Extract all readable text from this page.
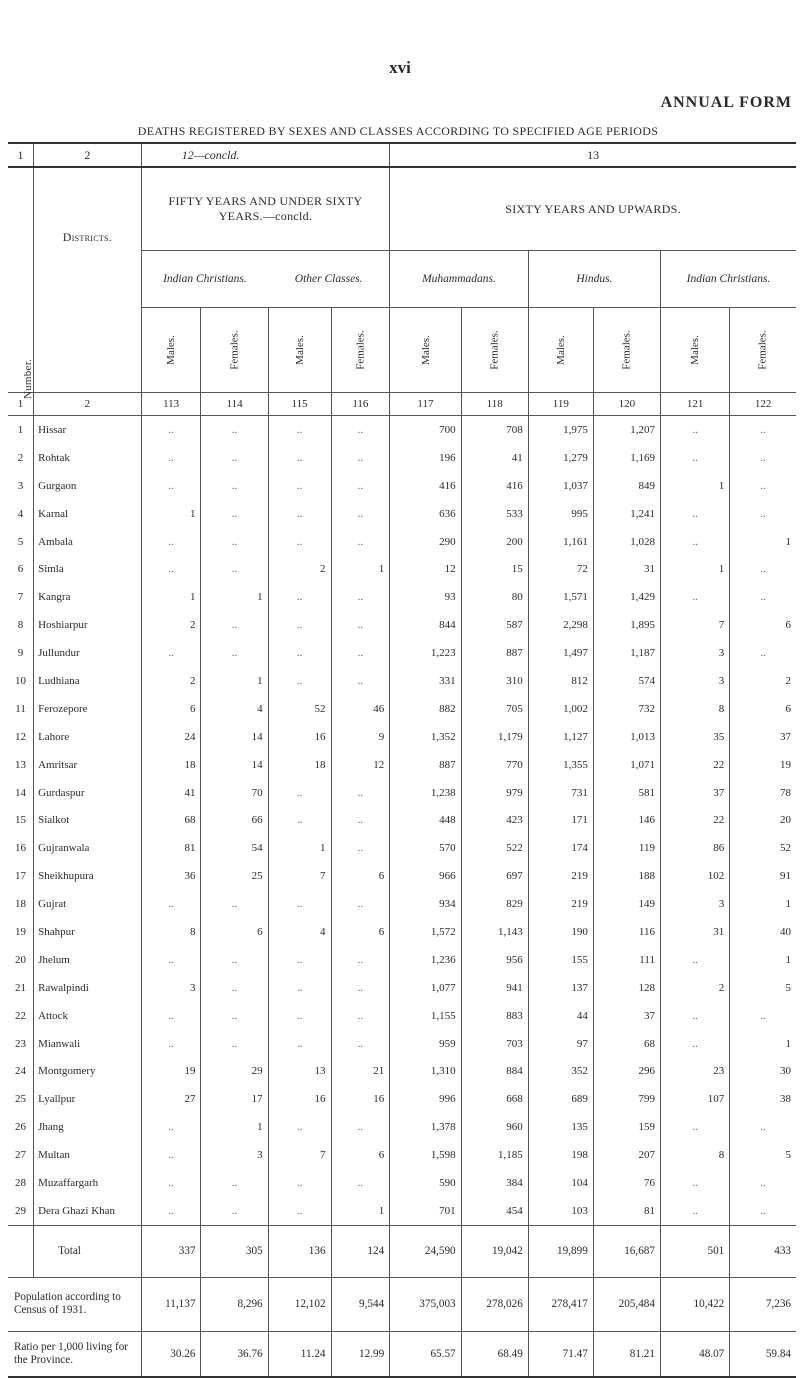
xvi
ANNUAL FORM
DEATHS REGISTERED BY SEXES AND CLASSES ACCORDING TO SPECIFIED AGE PERIODS
1	2	12—concld.				13					
Number.	Districts.	FIFTY YEARS AND UNDER SIXTY YEARS.—concld.				SIXTY YEARS AND UPWARDS.					
		Indian Christians.		Other Classes.		Muhammadans.		Hindus.		Indian Christians.	
		Males.	Females.	Males.	Females.	Males.	Females.	Males.	Females.	Males.	Females.
1	2	113	114	115	116	117	118	119	120	121	122
1	Hissar	..	..	..	..	700	708	1,975	1,207	..	..
2	Rohtak	..	..	..	..	196	41	1,279	1,169	..	..
3	Gurgaon	..	..	..	..	416	416	1,037	849	1	..
4	Karnal	1	..	..	..	636	533	995	1,241	..	..
5	Ambala	..	..	..	..	290	200	1,161	1,028	..	1
6	Simla	..	..	2	1	12	15	72	31	1	..
7	Kangra	1	1	..	..	93	80	1,571	1,429	..	..
8	Hoshiarpur	2	..	..	..	844	587	2,298	1,895	7	6
9	Jullundur	..	..	..	..	1,223	887	1,497	1,187	3	..
10	Ludhiana	2	1	..	..	331	310	812	574	3	2
11	Ferozepore	6	4	52	46	882	705	1,002	732	8	6
12	Lahore	24	14	16	9	1,352	1,179	1,127	1,013	35	37
13	Amritsar	18	14	18	12	887	770	1,355	1,071	22	19
14	Gurdaspur	41	70	..	..	1,238	979	731	581	37	78
15	Sialkot	68	66	..	..	448	423	171	146	22	20
16	Gujranwala	81	54	1	..	570	522	174	119	86	52
17	Sheikhupura	36	25	7	6	966	697	219	188	102	91
18	Gujrat	..	..	..	..	934	829	219	149	3	1
19	Shahpur	8	6	4	6	1,572	1,143	190	116	31	40
20	Jhelum	..	..	..	..	1,236	956	155	111	..	1
21	Rawalpindi	3	..	..	..	1,077	941	137	128	2	5
22	Attock	..	..	..	..	1,155	883	44	37	..	..
23	Mianwali	..	..	..	..	959	703	97	68	..	1
24	Montgomery	19	29	13	21	1,310	884	352	296	23	30
25	Lyallpur	27	17	16	16	996	668	689	799	107	38
26	Jhang	..	1	..	..	1,378	960	135	159	..	..
27	Multan	..	3	7	6	1,598	1,185	198	207	8	5
28	Muzaffargarh	..	..	..	..	590	384	104	76	..	..
29	Dera Ghazi Khan	..	..	..	1	701	454	103	81	..	..
	Total	337	305	136	124	24,590	19,042	19,899	16,687	501	433
Population according to Census of 1931.		11,137	8,296	12,102	9,544	375,003	278,026	278,417	205,484	10,422	7,236
Ratio per 1,000 living for the Province.		30.26	36.76	11.24	12.99	65.57	68.49	71.47	81.21	48.07	59.84
